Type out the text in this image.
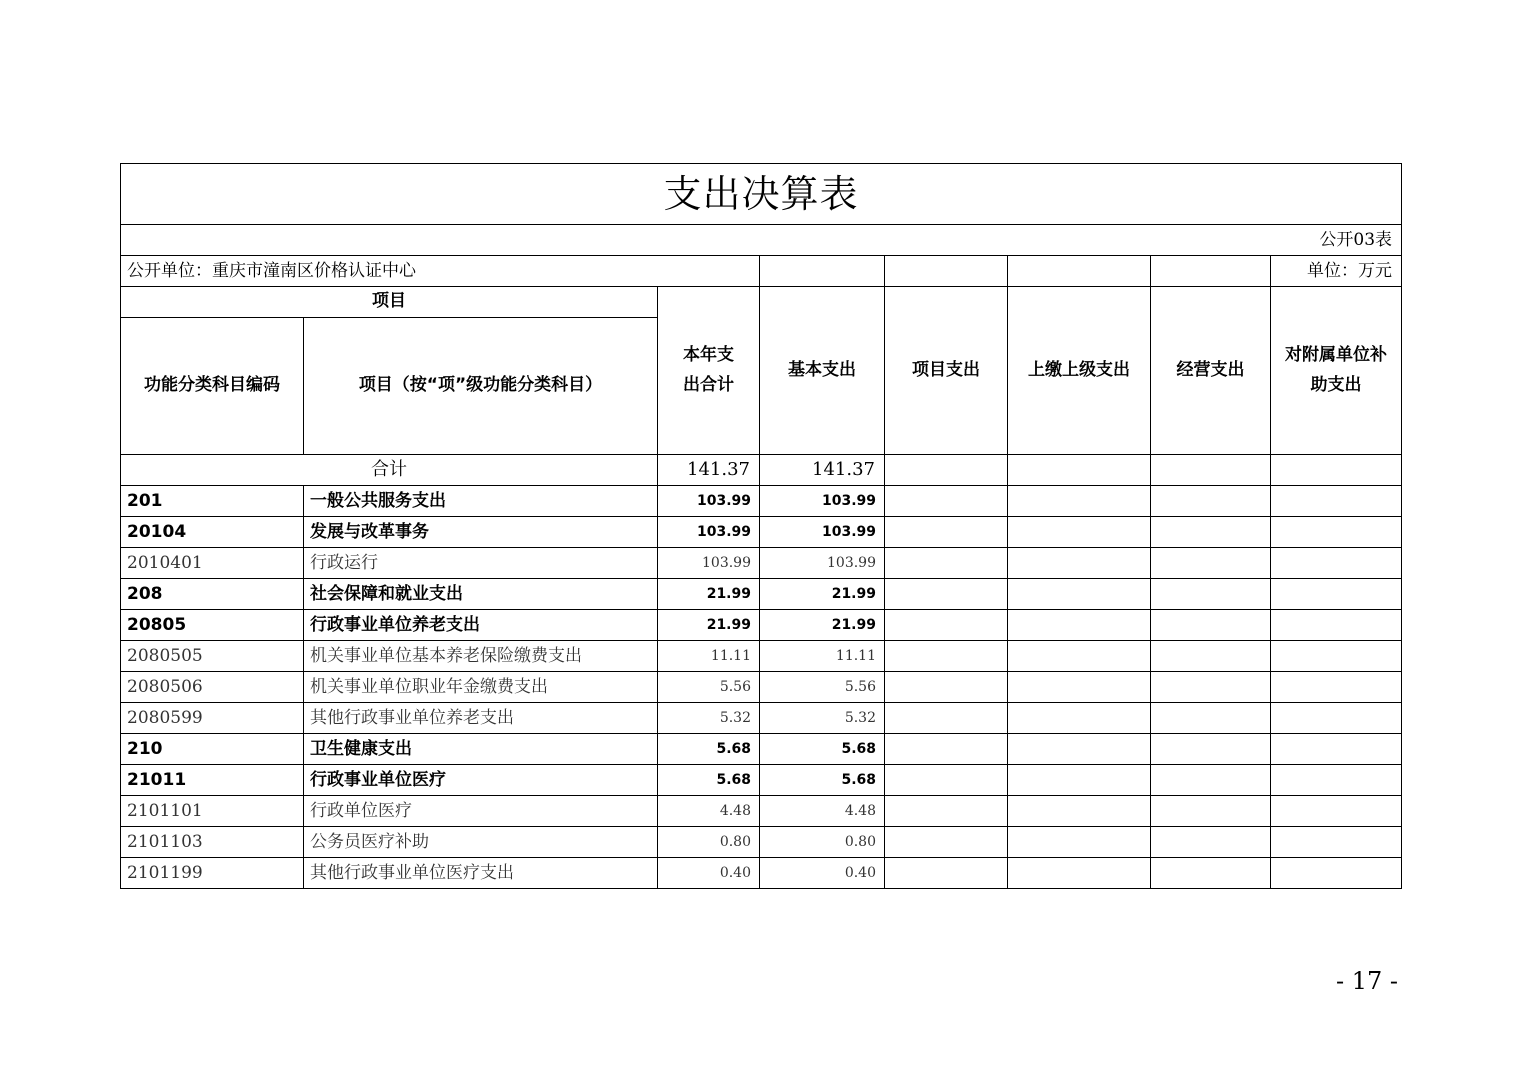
支出决算表							
公开03表							
公开单位：重庆市潼南区价格认证中心							单位：万元
项目		本年支出合计	基本支出	项目支出	上缴上级支出	经营支出	对附属单位补助支出
功能分类科目编码	项目（按“项”级功能分类科目）						
合计		141.37	141.37				
201	一般公共服务支出	103.99	103.99				
20104	发展与改革事务	103.99	103.99				
2010401	行政运行	103.99	103.99				
208	社会保障和就业支出	21.99	21.99				
20805	行政事业单位养老支出	21.99	21.99				
2080505	机关事业单位基本养老保险缴费支出	11.11	11.11				
2080506	机关事业单位职业年金缴费支出	5.56	5.56				
2080599	其他行政事业单位养老支出	5.32	5.32				
210	卫生健康支出	5.68	5.68				
21011	行政事业单位医疗	5.68	5.68				
2101101	行政单位医疗	4.48	4.48				
2101103	公务员医疗补助	0.80	0.80				
2101199	其他行政事业单位医疗支出	0.40	0.40				
- 17 -
